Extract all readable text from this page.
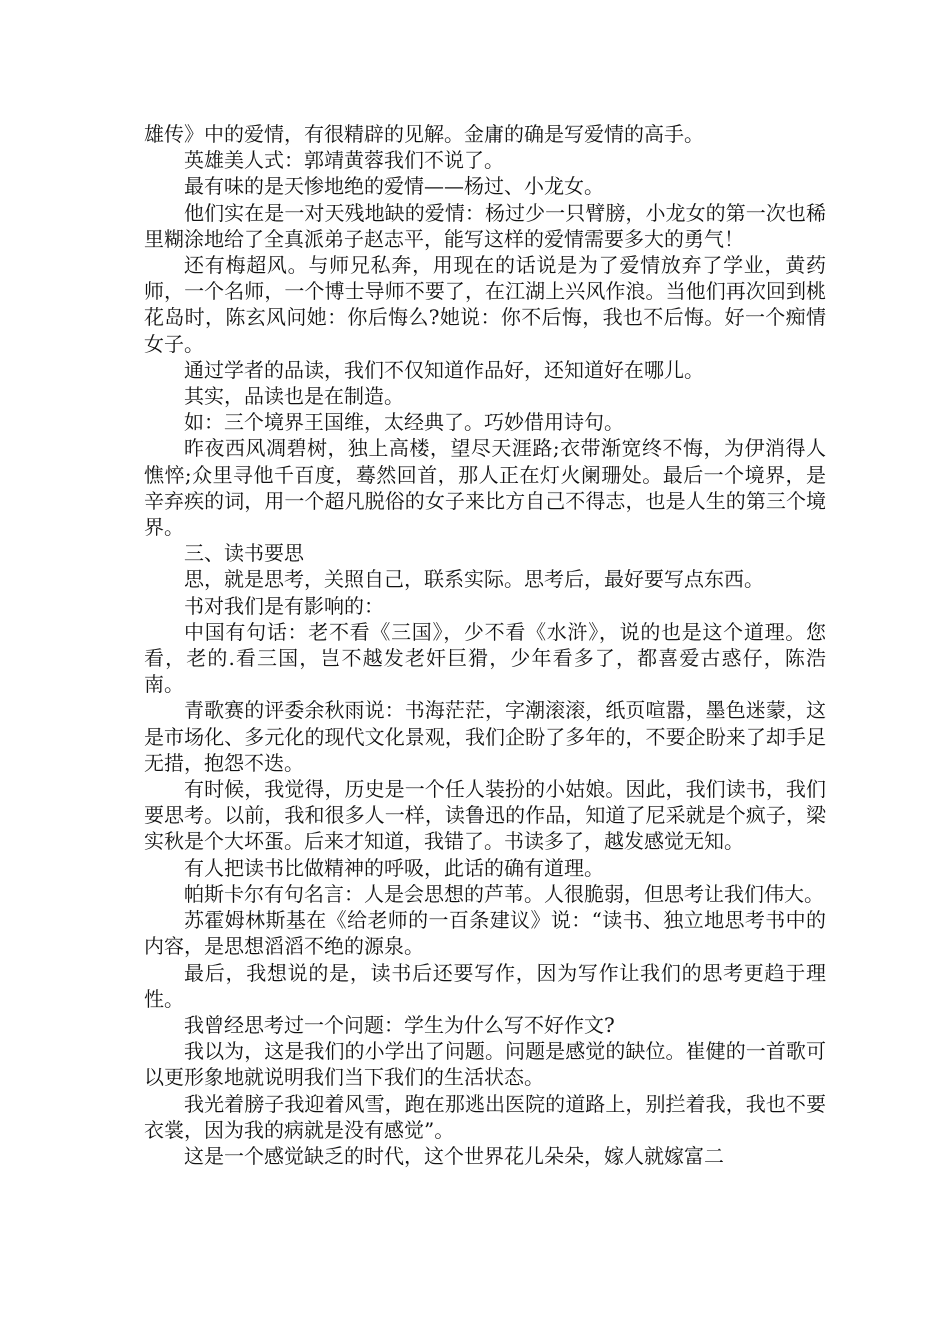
雄传》中的爱情，有很精辟的见解。金庸的确是写爱情的高手。

英雄美人式：郭靖黄蓉我们不说了。

最有味的是天惨地绝的爱情——杨过、小龙女。

他们实在是一对天残地缺的爱情：杨过少一只臂膀，小龙女的第一次也稀里糊涂地给了全真派弟子赵志平，能写这样的爱情需要多大的勇气！

还有梅超风。与师兄私奔，用现在的话说是为了爱情放弃了学业，黄药师，一个名师，一个博士导师不要了，在江湖上兴风作浪。当他们再次回到桃花岛时，陈玄风问她：你后悔么?她说：你不后悔，我也不后悔。好一个痴情女子。

通过学者的品读，我们不仅知道作品好，还知道好在哪儿。

其实，品读也是在制造。

如：三个境界王国维，太经典了。巧妙借用诗句。

昨夜西风凋碧树，独上高楼，望尽天涯路;衣带渐宽终不悔，为伊消得人憔悴;众里寻他千百度，蓦然回首，那人正在灯火阑珊处。最后一个境界，是辛弃疾的词，用一个超凡脱俗的女子来比方自己不得志，也是人生的第三个境界。

三、读书要思

思，就是思考，关照自己，联系实际。思考后，最好要写点东西。

书对我们是有影响的：

中国有句话：老不看《三国》，少不看《水浒》，说的也是这个道理。您看，老的.看三国，岂不越发老奸巨猾，少年看多了，都喜爱古惑仔，陈浩南。

青歌赛的评委余秋雨说：书海茫茫，字潮滚滚，纸页喧嚣，墨色迷蒙，这是市场化、多元化的现代文化景观，我们企盼了多年的，不要企盼来了却手足无措，抱怨不迭。

有时候，我觉得，历史是一个任人装扮的小姑娘。因此，我们读书，我们要思考。以前，我和很多人一样，读鲁迅的作品，知道了尼采就是个疯子，梁实秋是个大坏蛋。后来才知道，我错了。书读多了，越发感觉无知。

有人把读书比做精神的呼吸，此话的确有道理。

帕斯卡尔有句名言：人是会思想的芦苇。人很脆弱，但思考让我们伟大。

苏霍姆林斯基在《给老师的一百条建议》说：“读书、独立地思考书中的内容，是思想滔滔不绝的源泉。

最后，我想说的是，读书后还要写作，因为写作让我们的思考更趋于理性。

我曾经思考过一个问题：学生为什么写不好作文?

我以为，这是我们的小学出了问题。问题是感觉的缺位。崔健的一首歌可以更形象地就说明我们当下我们的生活状态。

我光着膀子我迎着风雪，跑在那逃出医院的道路上，别拦着我，我也不要衣裳，因为我的病就是没有感觉”。

这是一个感觉缺乏的时代，这个世界花儿朵朵，嫁人就嫁富二
